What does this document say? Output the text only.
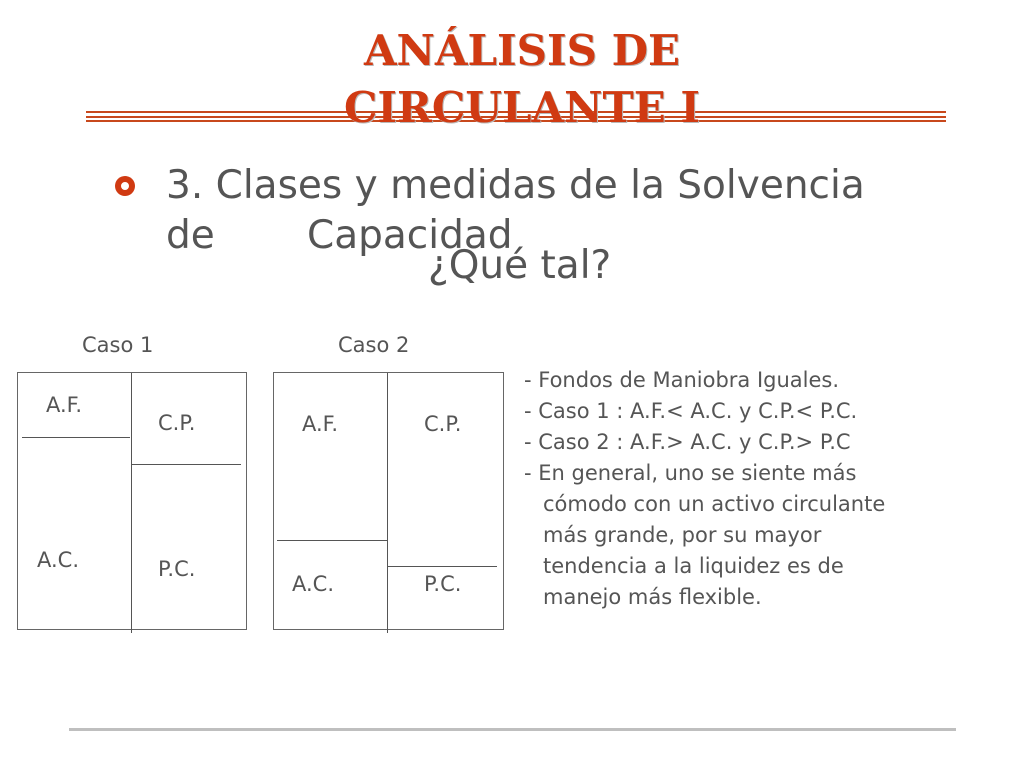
ANÁLISIS DE
CIRCULANTE I
3. Clases y medidas de la Solvencia
de Capacidad
¿Qué tal?
Caso 1	Caso 2
A.F.
C.P.
A.C.	P.C.
A.F.	C.P.
A.C.	P.C.
- Fondos de Maniobra Iguales.
- Caso 1 : A.F.< A.C. y C.P.< P.C.
- Caso 2 : A.F.> A.C. y C.P.> P.C
- En general, uno se siente más
cómodo con un activo circulante
más grande, por su mayor
tendencia a la liquidez es de
manejo más flexible.
